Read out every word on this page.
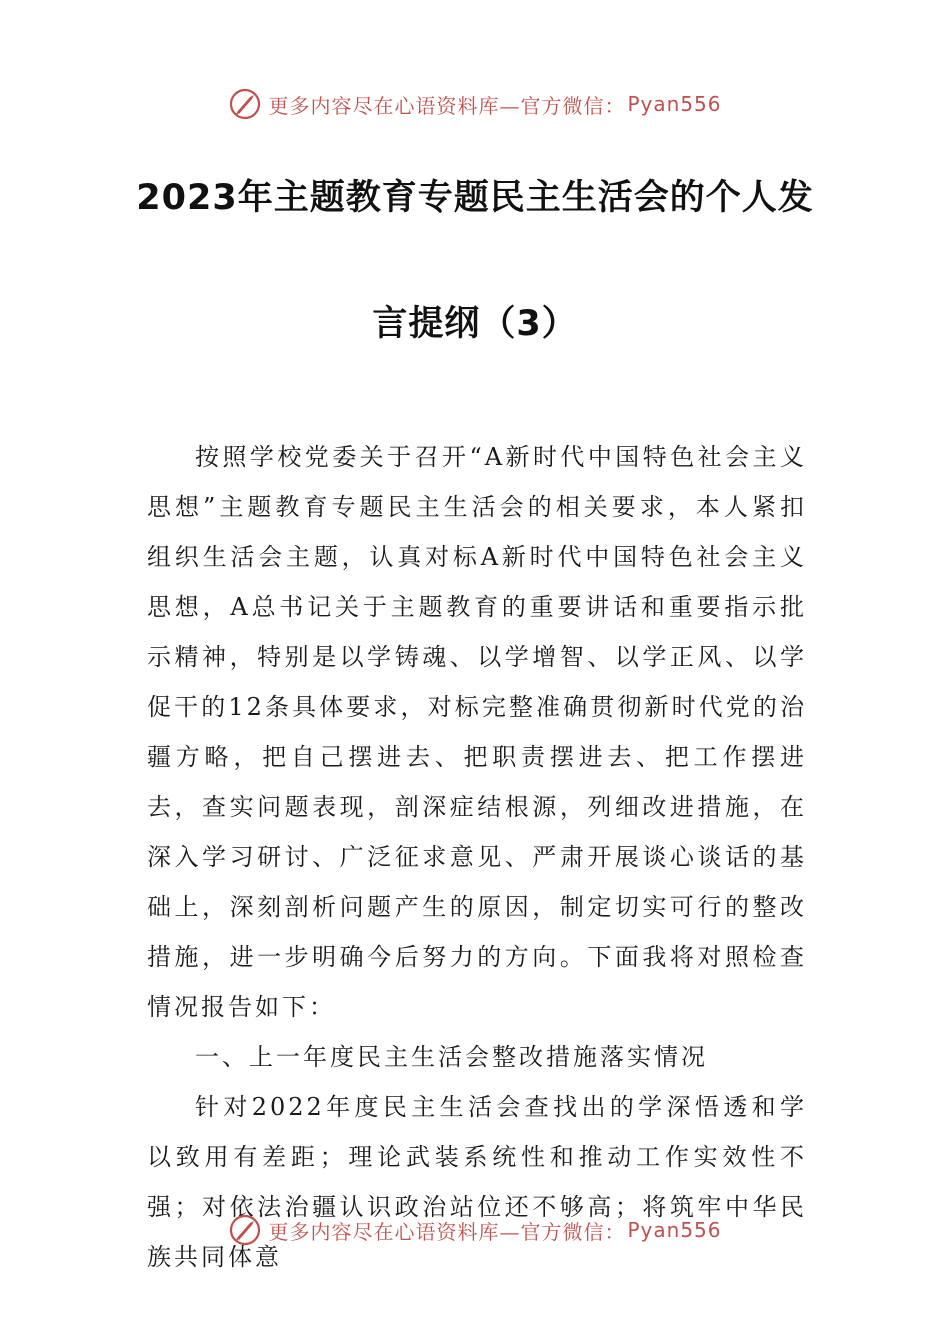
更多内容尽在心语资料库—官方微信： Pyan556
2023年主题教育专题民主生活会的个人发
言提纲（3）

按照学校党委关于召开“A新时代中国特色社会主义思想”主题教育专题民主生活会的相关要求，本人紧扣组织生活会主题，认真对标A新时代中国特色社会主义思想，A总书记关于主题教育的重要讲话和重要指示批示精神，特别是以学铸魂、以学增智、以学正风、以学促干的12条具体要求，对标完整准确贯彻新时代党的治疆方略，把自己摆进去、把职责摆进去、把工作摆进去，查实问题表现，剖深症结根源，列细改进措施，在深入学习研讨、广泛征求意见、严肃开展谈心谈话的基础上，深刻剖析问题产生的原因，制定切实可行的整改措施，进一步明确今后努力的方向。下面我将对照检查情况报告如下：

一、上一年度民主生活会整改措施落实情况

针对2022年度民主生活会查找出的学深悟透和学以致用有差距；理论武装系统性和推动工作实效性不强；对依法治疆认识政治站位还不够高；将筑牢中华民族共同体意

更多内容尽在心语资料库—官方微信： Pyan556
